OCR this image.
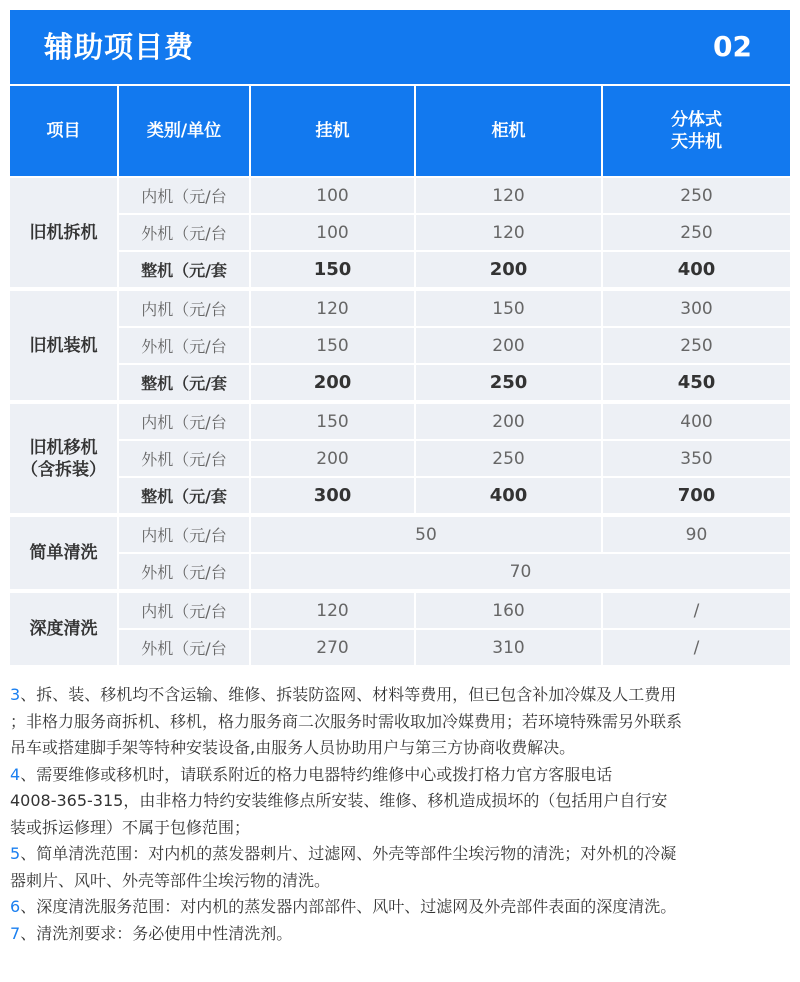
辅助项目费	02
项目	类别/单位	挂机	柜机	分体式
天井机
旧机拆机	内机（元/台	100	120	250
	外机（元/台	100	120	250
	整机（元/套	150	200	400
旧机装机	内机（元/台	120	150	300
	外机（元/台	150	200	250
	整机（元/套	200	250	450
旧机移机
（含拆装）	内机（元/台	150	200	400
	外机（元/台	200	250	350
	整机（元/套	300	400	700
简单清洗	内机（元/台	50		90
	外机（元/台	70		
深度清洗	内机（元/台	120	160	/
	外机（元/台	270	310	/

3、拆、装、移机均不含运输、维修、拆装防盗网、材料等费用，但已包含补加冷媒及人工费用

；非格力服务商拆机、移机，格力服务商二次服务时需收取加冷媒费用；若环境特殊需另外联系

吊车或搭建脚手架等特种安装设备,由服务人员协助用户与第三方协商收费解决。

4、需要维修或移机时，请联系附近的格力电器特约维修中心或拨打格力官方客服电话

4008-365-315，由非格力特约安装维修点所安装、维修、移机造成损坏的（包括用户自行安

装或拆运修理）不属于包修范围；

5、简单清洗范围：对内机的蒸发器刺片、过滤网、外壳等部件尘埃污物的清洗；对外机的冷凝

器刺片、风叶、外壳等部件尘埃污物的清洗。

6、深度清洗服务范围：对内机的蒸发器内部部件、风叶、过滤网及外壳部件表面的深度清洗。

7、清洗剂要求：务必使用中性清洗剂。
